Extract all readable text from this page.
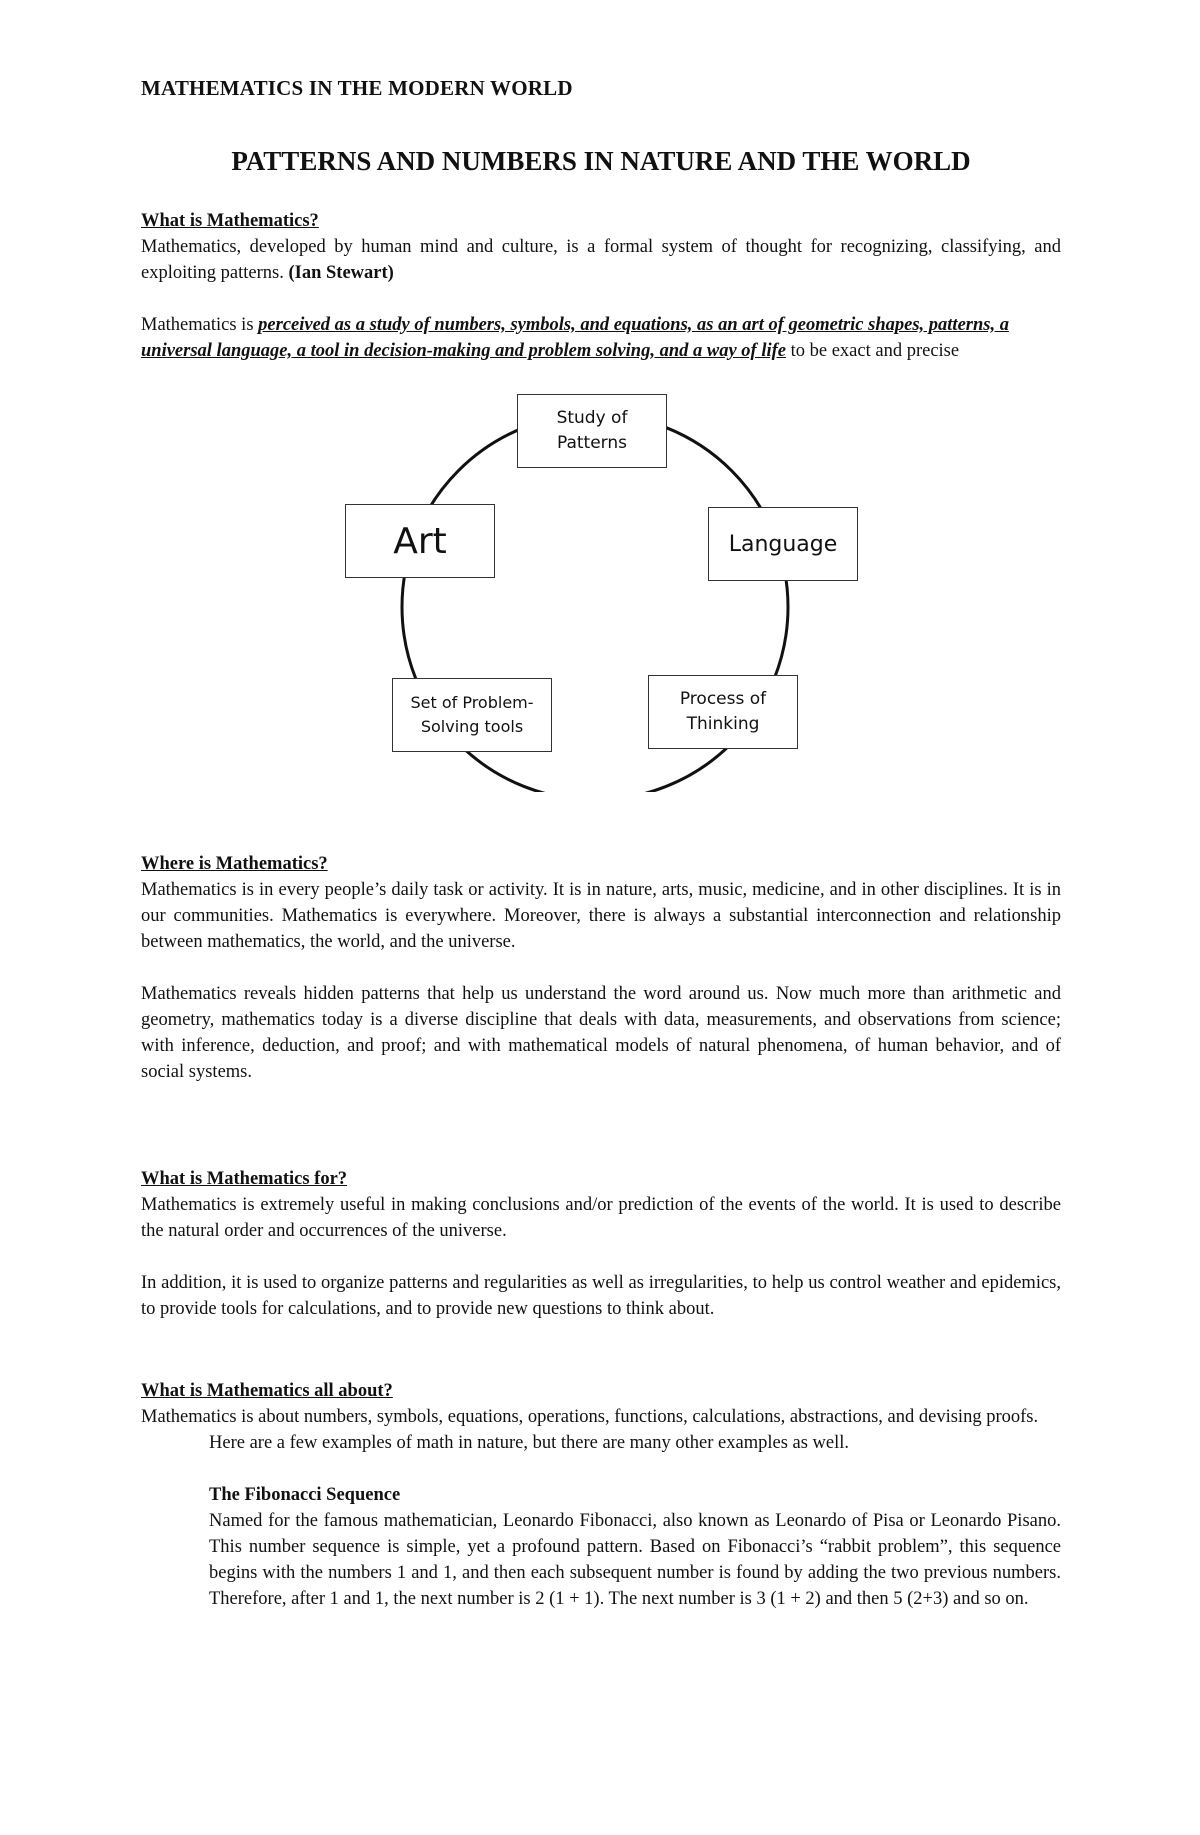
MATHEMATICS IN THE MODERN WORLD
PATTERNS AND NUMBERS IN NATURE AND THE WORLD
What is Mathematics?

Mathematics, developed by human mind and culture, is a formal system of thought for recognizing, classifying, and exploiting patterns. (Ian Stewart)

Mathematics is perceived as a study of numbers, symbols, and equations, as an art of geometric shapes, patterns, a universal language, a tool in decision-making and problem solving, and a way of life to be exact and precise

Where is Mathematics?

Mathematics is in every people’s daily task or activity. It is in nature, arts, music, medicine, and in other disciplines. It is in our communities. Mathematics is everywhere. Moreover, there is always a substantial interconnection and relationship between mathematics, the world, and the universe.

Mathematics reveals hidden patterns that help us understand the word around us. Now much more than arithmetic and geometry, mathematics today is a diverse discipline that deals with data, measurements, and observations from science; with inference, deduction, and proof; and with mathematical models of natural phenomena, of human behavior, and of social systems.

What is Mathematics for?

Mathematics is extremely useful in making conclusions and/or prediction of the events of the world. It is used to describe the natural order and occurrences of the universe.

In addition, it is used to organize patterns and regularities as well as irregularities, to help us control weather and epidemics, to provide tools for calculations, and to provide new questions to think about.

What is Mathematics all about?

Mathematics is about numbers, symbols, equations, operations, functions, calculations, abstractions, and devising proofs.

Here are a few examples of math in nature, but there are many other examples as well.

The Fibonacci Sequence

Named for the famous mathematician, Leonardo Fibonacci, also known as Leonardo of Pisa or Leonardo Pisano. This number sequence is simple, yet a profound pattern. Based on Fibonacci’s “rabbit problem”, this sequence begins with the numbers 1 and 1, and then each subsequent number is found by adding the two previous numbers. Therefore, after 1 and 1, the next number is 2 (1 + 1). The next number is 3 (1 + 2) and then 5 (2+3) and so on.

Study of Patterns
Art	Language
Set of Problem-Solving tools
Process of Thinking
